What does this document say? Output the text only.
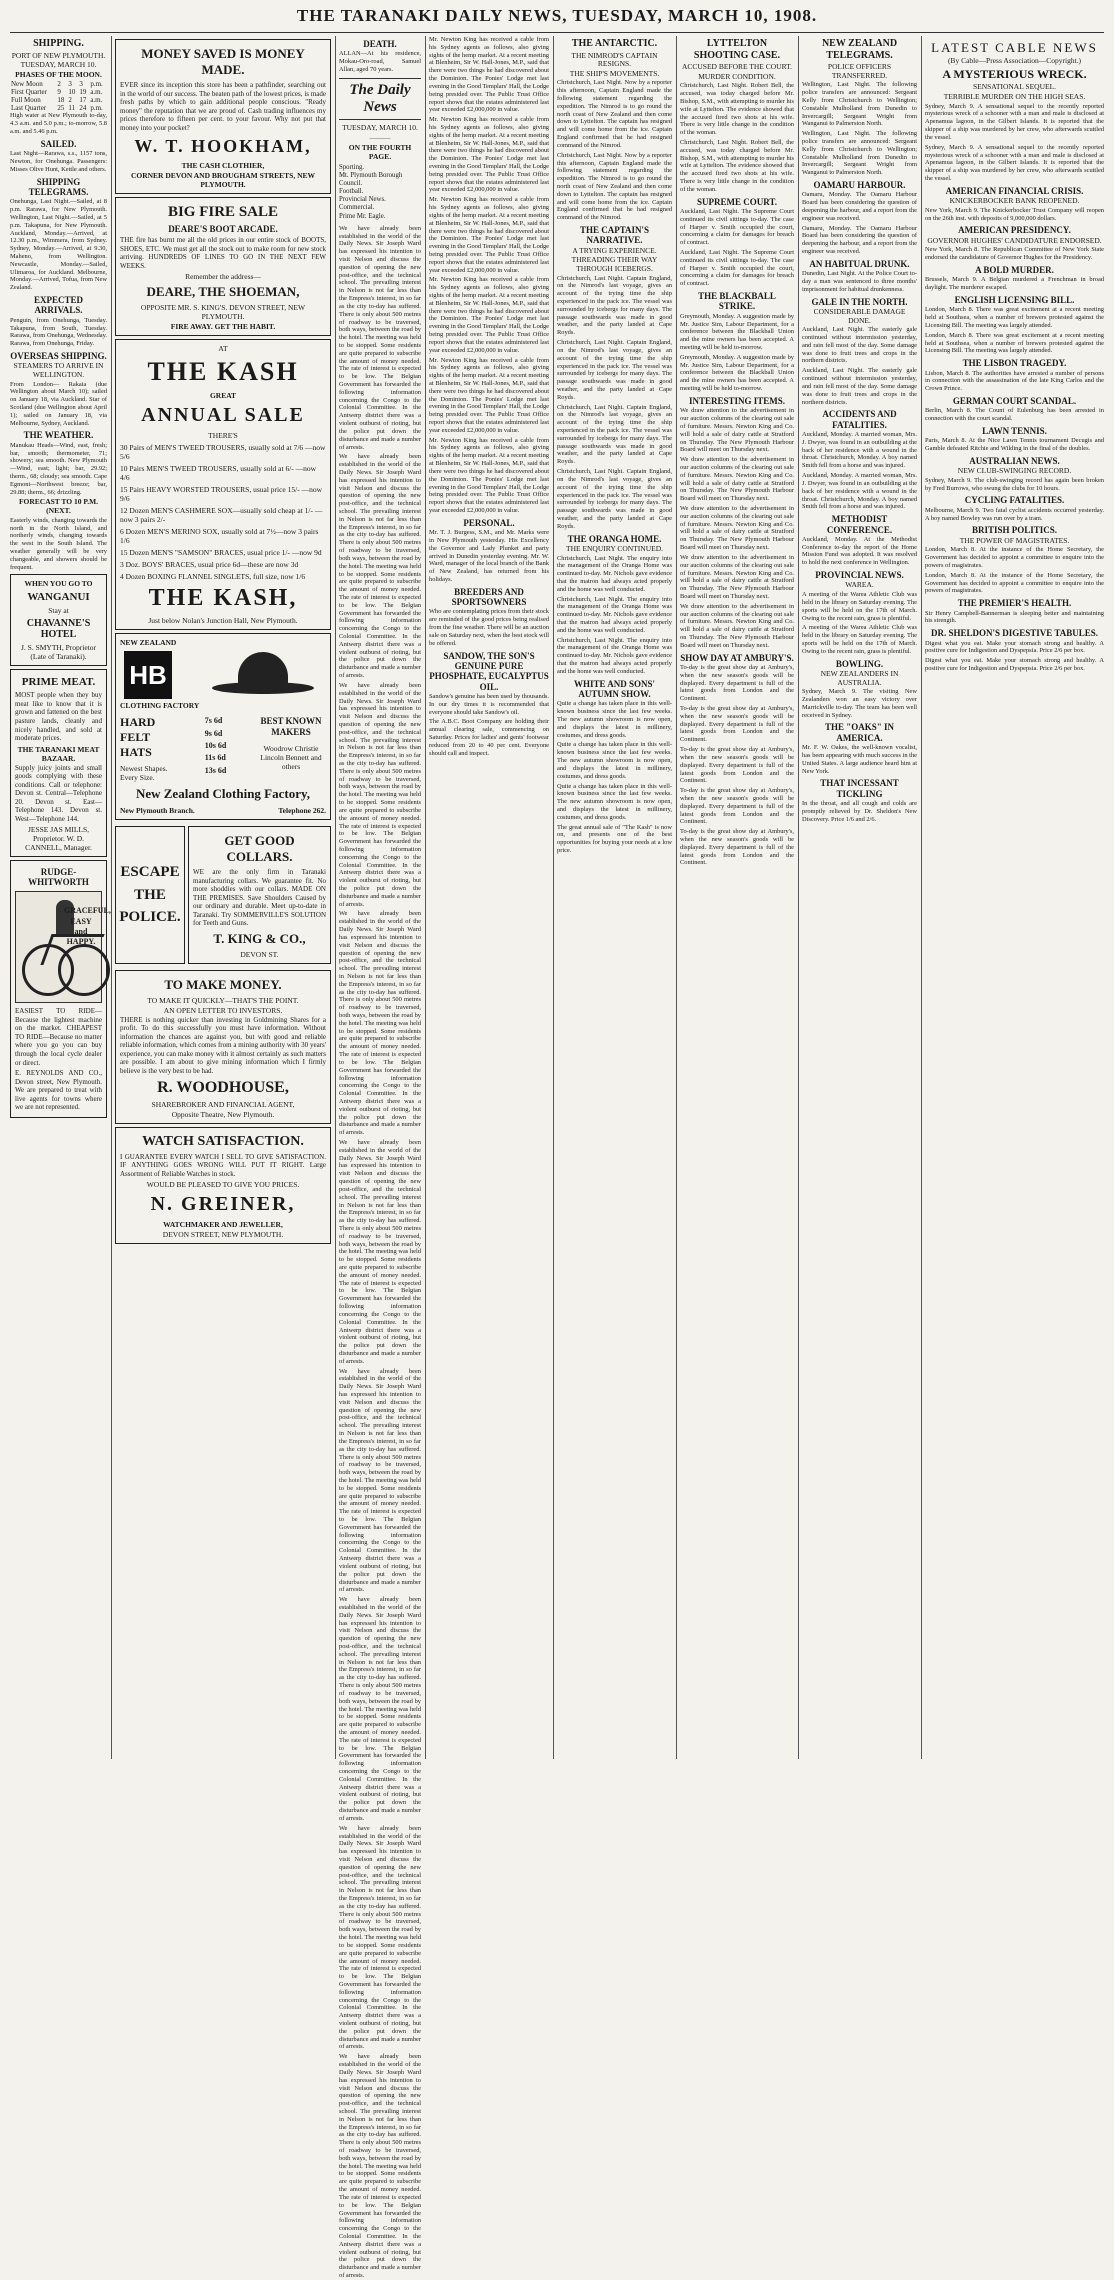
THE TARANAKI DAILY NEWS, TUESDAY, MARCH 10, 1908.
SHIPPING.
PORT OF NEW PLYMOUTH.
TUESDAY, MARCH 10.
PHASES OF THE MOON.
New Moon	2	3	3	p.m.
First Quarter	9	10	19	a.m.
Full Moon	18	2	17	a.m.
Last Quarter	25	11	24	p.m.

High water at New Plymouth to-day, 4.3 a.m. and 5.0 p.m.; to-morrow, 5.8 a.m. and 5.46 p.m.

SAILED.

Last Night—Rarawa, s.s., 1157 tons, Newton, for Onehunga. Passengers: Misses Olive Hunt, Kettle and others.

SHIPPING TELEGRAMS.

Onehunga, Last Night.—Sailed, at 8 p.m. Rarawa, for New Plymouth. Wellington, Last Night.—Sailed, at 5 p.m. Takapuna, for New Plymouth. Auckland, Monday.—Arrived, at 12.30 p.m., Wimmera, from Sydney. Sydney, Monday.—Arrived, at 9.30, Maheno, from Wellington. Newcastle, Monday.—Sailed, Ulimaroa, for Auckland. Melbourne, Monday.—Arrived, Tofua, from New Zealand.

EXPECTED ARRIVALS.

Penguin, from Onehunga, Tuesday. Takapuna, from South, Tuesday. Rarawa, from Onehunga, Wednesday. Rarawa, from Onehunga, Friday.

OVERSEAS SHIPPING.
STEAMERS TO ARRIVE IN WELLINGTON.

From London— Rakaia (due Wellington about March 10); sailed on January 18, via Auckland. Star of Scotland (due Wellington about April 1); sailed on January 18, via Melbourne, Sydney, Auckland.

THE WEATHER.

Manukau Heads—Wind, east, fresh; bar, smooth; thermometer, 71; showery; sea smooth. New Plymouth—Wind, east; light; bar, 29.92; therm., 68; cloudy; sea smooth. Cape Egmont—Northwest breeze; bar, 29.88; therm., 66; drizzling.

FORECAST TO 10 P.M. (NEXT.

Easterly winds, changing towards the north in the North Island, and northerly winds, changing towards the west in the South Island. The weather generally will be very changeable, and showers should be frequent.

WHEN YOU GO TO
WANGANUI
Stay at
CHAVANNE'S HOTEL
J. S. SMYTH, Proprietor (Late of Taranaki).
PRIME MEAT.

MOST people when they buy meat like to know that it is grown and fattened on the best pasture lands, cleanly and nicely handled, and sold at moderate prices.

THE TARANAKI MEAT BAZAAR.

Supply juicy joints and small goods complying with these conditions. Call or telephone: Devon st. Central—Telephone 20. Devon st. East—Telephone 143. Devon st. West—Telephone 144.

JESSE JAS MILLS, Proprietor. W. D. CANNELL, Manager.
RUDGE-WHITWORTH
GRACEFUL, EASY and HAPPY.

EASIEST TO RIDE—Because the lightest machine on the market. CHEAPEST TO RIDE—Because no matter where you go you can buy through the local cycle dealer or direct.

E. REYNOLDS AND CO., Devon street, New Plymouth. We are prepared to treat with live agents for towns where we are not represented.

MONEY SAVED IS MONEY MADE.

EVER since its inception this store has been a pathfinder, searching out in the world of our success. The beaten path of the lowest prices, is made fresh paths by which to gain additional people conscious. "Ready money" the reputation that we are proud of. Cash trading influences my prices therefore to fifteen per cent. to your favour. Why not put that money into your pocket?

W. T. HOOKHAM,
THE CASH CLOTHIER,
CORNER DEVON AND BROUGHAM STREETS, NEW PLYMOUTH.
BIG FIRE SALE
DEARE'S BOOT ARCADE.

THE fire has burnt me all the old prices in our entire stock of BOOTS, SHOES, ETC. We must get all the stock out to make room for new stock arriving. HUNDREDS OF LINES TO GO IN THE NEXT FEW WEEKS.

Remember the address—
DEARE, THE SHOEMAN,
OPPOSITE MR. S. KING'S. DEVON STREET, NEW PLYMOUTH.
FIRE AWAY. GET THE HABIT.
AT
THE KASH
GREAT
ANNUAL SALE
THERE'S
30 Pairs of MEN'S TWEED TROUSERS, usually sold at 7/6 —now 5/6
10 Pairs MEN'S TWEED TROUSERS, usually sold at 6/- —now 4/6
15 Pairs HEAVY WORSTED TROUSERS, usual price 15/- —now 9/6
12 Dozen MEN'S CASHMERE SOX—usually sold cheap at 1/- —now 3 pairs 2/-
6 Dozen MEN'S MERINO SOX, usually sold at 7½—now 3 pairs 1/6
15 Dozen MEN'S "SAMSON" BRACES, usual price 1/- —now 9d
3 Doz. BOYS' BRACES, usual price 6d—these are now 3d
4 Dozen BOXING FLANNEL SINGLETS, full size, now 1/6
THE KASH,
Just below Nolan's Junction Hall, New Plymouth.
NEW ZEALAND
HB
CLOTHING FACTORY
HARD
FELT
HATS
Newest Shapes. Every Size.
7s 6d
9s 6d
10s 6d
11s 6d
13s 6d
BEST KNOWN MAKERS
Woodrow Christie Lincoln Bennett and others
New Zealand Clothing Factory,
New Plymouth Branch.	Telephone 262.
ESCAPE THE POLICE.
GET GOOD COLLARS.

WE are the only firm in Taranaki manufacturing collars. We guarantee fit. No more shoddies with our collars. MADE ON THE PREMISES. Save Shoulders Caused by our ordinary and durable. Meet up-to-date in Taranaki. Try SOMMERVILLE'S SOLUTION for Teeth and Guns.

T. KING & CO.,
DEVON ST.
TO MAKE MONEY.
TO MAKE IT QUICKLY—THAT'S THE POINT.
AN OPEN LETTER TO INVESTORS.

THERE is nothing quicker than investing in Goldmining Shares for a profit. To do this successfully you must have information. Without information the chances are against you, but with good and reliable reliable information, which comes from a mining authority with 30 years' experience, you can make money with it almost certainly as such matters are possible. I am about to give mining information which I firmly believe is the very best to be had.

R. WOODHOUSE,
SHAREBROKER AND FINANCIAL AGENT,
Opposite Theatre, New Plymouth.
WATCH SATISFACTION.

I GUARANTEE EVERY WATCH I SELL TO GIVE SATISFACTION. IF ANYTHING GOES WRONG WILL PUT IT RIGHT. Large Assortment of Reliable Watches in stock.

WOULD BE PLEASED TO GIVE YOU PRICES.
N. GREINER,
WATCHMAKER AND JEWELLER,
DEVON STREET, NEW PLYMOUTH.
DEATH.

ALLAN—At his residence, Mokau-Oro-road, Samuel Allan, aged 70 years.

The Daily News
TUESDAY, MARCH 10.
———
ON THE FOURTH PAGE.
Sporting.
Mt. Plymouth Borough Council.
Football.
Provincial News.
Commercial.
Prime Mr. Eagle.

We have already been established in the world of the Daily News. Sir Joseph Ward has expressed his intention to visit Nelson and discuss the question of opening the new post-office, and the technical school. The prevailing interest in Nelson is not far less than the Empress's interest, in so far as the city to-day has suffered. There is only about 500 metres of roadway to be traversed, both ways, between the road by the hotel. The meeting was held to be stopped. Some residents are quite prepared to subscribe the amount of money needed. The rate of interest is expected to be low. The Belgian Government has forwarded the following information concerning the Congo to the Colonial Committee. In the Antwerp district there was a violent outburst of rioting, but the police put down the disturbance and made a number of arrests.

We have already been established in the world of the Daily News. Sir Joseph Ward has expressed his intention to visit Nelson and discuss the question of opening the new post-office, and the technical school. The prevailing interest in Nelson is not far less than the Empress's interest, in so far as the city to-day has suffered. There is only about 500 metres of roadway to be traversed, both ways, between the road by the hotel. The meeting was held to be stopped. Some residents are quite prepared to subscribe the amount of money needed. The rate of interest is expected to be low. The Belgian Government has forwarded the following information concerning the Congo to the Colonial Committee. In the Antwerp district there was a violent outburst of rioting, but the police put down the disturbance and made a number of arrests.

We have already been established in the world of the Daily News. Sir Joseph Ward has expressed his intention to visit Nelson and discuss the question of opening the new post-office, and the technical school. The prevailing interest in Nelson is not far less than the Empress's interest, in so far as the city to-day has suffered. There is only about 500 metres of roadway to be traversed, both ways, between the road by the hotel. The meeting was held to be stopped. Some residents are quite prepared to subscribe the amount of money needed. The rate of interest is expected to be low. The Belgian Government has forwarded the following information concerning the Congo to the Colonial Committee. In the Antwerp district there was a violent outburst of rioting, but the police put down the disturbance and made a number of arrests.

We have already been established in the world of the Daily News. Sir Joseph Ward has expressed his intention to visit Nelson and discuss the question of opening the new post-office, and the technical school. The prevailing interest in Nelson is not far less than the Empress's interest, in so far as the city to-day has suffered. There is only about 500 metres of roadway to be traversed, both ways, between the road by the hotel. The meeting was held to be stopped. Some residents are quite prepared to subscribe the amount of money needed. The rate of interest is expected to be low. The Belgian Government has forwarded the following information concerning the Congo to the Colonial Committee. In the Antwerp district there was a violent outburst of rioting, but the police put down the disturbance and made a number of arrests.

We have already been established in the world of the Daily News. Sir Joseph Ward has expressed his intention to visit Nelson and discuss the question of opening the new post-office, and the technical school. The prevailing interest in Nelson is not far less than the Empress's interest, in so far as the city to-day has suffered. There is only about 500 metres of roadway to be traversed, both ways, between the road by the hotel. The meeting was held to be stopped. Some residents are quite prepared to subscribe the amount of money needed. The rate of interest is expected to be low. The Belgian Government has forwarded the following information concerning the Congo to the Colonial Committee. In the Antwerp district there was a violent outburst of rioting, but the police put down the disturbance and made a number of arrests.

We have already been established in the world of the Daily News. Sir Joseph Ward has expressed his intention to visit Nelson and discuss the question of opening the new post-office, and the technical school. The prevailing interest in Nelson is not far less than the Empress's interest, in so far as the city to-day has suffered. There is only about 500 metres of roadway to be traversed, both ways, between the road by the hotel. The meeting was held to be stopped. Some residents are quite prepared to subscribe the amount of money needed. The rate of interest is expected to be low. The Belgian Government has forwarded the following information concerning the Congo to the Colonial Committee. In the Antwerp district there was a violent outburst of rioting, but the police put down the disturbance and made a number of arrests.

We have already been established in the world of the Daily News. Sir Joseph Ward has expressed his intention to visit Nelson and discuss the question of opening the new post-office, and the technical school. The prevailing interest in Nelson is not far less than the Empress's interest, in so far as the city to-day has suffered. There is only about 500 metres of roadway to be traversed, both ways, between the road by the hotel. The meeting was held to be stopped. Some residents are quite prepared to subscribe the amount of money needed. The rate of interest is expected to be low. The Belgian Government has forwarded the following information concerning the Congo to the Colonial Committee. In the Antwerp district there was a violent outburst of rioting, but the police put down the disturbance and made a number of arrests.

We have already been established in the world of the Daily News. Sir Joseph Ward has expressed his intention to visit Nelson and discuss the question of opening the new post-office, and the technical school. The prevailing interest in Nelson is not far less than the Empress's interest, in so far as the city to-day has suffered. There is only about 500 metres of roadway to be traversed, both ways, between the road by the hotel. The meeting was held to be stopped. Some residents are quite prepared to subscribe the amount of money needed. The rate of interest is expected to be low. The Belgian Government has forwarded the following information concerning the Congo to the Colonial Committee. In the Antwerp district there was a violent outburst of rioting, but the police put down the disturbance and made a number of arrests.

We have already been established in the world of the Daily News. Sir Joseph Ward has expressed his intention to visit Nelson and discuss the question of opening the new post-office, and the technical school. The prevailing interest in Nelson is not far less than the Empress's interest, in so far as the city to-day has suffered. There is only about 500 metres of roadway to be traversed, both ways, between the road by the hotel. The meeting was held to be stopped. Some residents are quite prepared to subscribe the amount of money needed. The rate of interest is expected to be low. The Belgian Government has forwarded the following information concerning the Congo to the Colonial Committee. In the Antwerp district there was a violent outburst of rioting, but the police put down the disturbance and made a number of arrests.

Mr. Newton King has received a cable from his Sydney agents as follows, also giving sights of the hemp market. At a recent meeting at Blenheim, Sir W. Hall-Jones, M.P., said that there were two things he had discovered about the Dominion. The Ponies' Lodge met last evening in the Good Templars' Hall, the Lodge being presided over. The Public Trust Office report shows that the estates administered last year exceeded £2,000,000 in value.

Mr. Newton King has received a cable from his Sydney agents as follows, also giving sights of the hemp market. At a recent meeting at Blenheim, Sir W. Hall-Jones, M.P., said that there were two things he had discovered about the Dominion. The Ponies' Lodge met last evening in the Good Templars' Hall, the Lodge being presided over. The Public Trust Office report shows that the estates administered last year exceeded £2,000,000 in value.

Mr. Newton King has received a cable from his Sydney agents as follows, also giving sights of the hemp market. At a recent meeting at Blenheim, Sir W. Hall-Jones, M.P., said that there were two things he had discovered about the Dominion. The Ponies' Lodge met last evening in the Good Templars' Hall, the Lodge being presided over. The Public Trust Office report shows that the estates administered last year exceeded £2,000,000 in value.

Mr. Newton King has received a cable from his Sydney agents as follows, also giving sights of the hemp market. At a recent meeting at Blenheim, Sir W. Hall-Jones, M.P., said that there were two things he had discovered about the Dominion. The Ponies' Lodge met last evening in the Good Templars' Hall, the Lodge being presided over. The Public Trust Office report shows that the estates administered last year exceeded £2,000,000 in value.

Mr. Newton King has received a cable from his Sydney agents as follows, also giving sights of the hemp market. At a recent meeting at Blenheim, Sir W. Hall-Jones, M.P., said that there were two things he had discovered about the Dominion. The Ponies' Lodge met last evening in the Good Templars' Hall, the Lodge being presided over. The Public Trust Office report shows that the estates administered last year exceeded £2,000,000 in value.

Mr. Newton King has received a cable from his Sydney agents as follows, also giving sights of the hemp market. At a recent meeting at Blenheim, Sir W. Hall-Jones, M.P., said that there were two things he had discovered about the Dominion. The Ponies' Lodge met last evening in the Good Templars' Hall, the Lodge being presided over. The Public Trust Office report shows that the estates administered last year exceeded £2,000,000 in value.

PERSONAL.

Mr. T. J. Burgess, S.M., and Mr. Marks were in New Plymouth yesterday. His Excellency the Governor and Lady Plunket and party arrived in Dunedin yesterday evening. Mr. W. Ward, manager of the local branch of the Bank of New Zealand, has returned from his holidays.

BREEDERS AND SPORTSOWNERS

Who are contemplating prices from their stock are reminded of the good prices being realised from the fine weather. There will be an auction sale on Saturday next, when the best stock will be offered.

SANDOW, THE SON'S GENUINE PURE PHOSPHATE, EUCALYPTUS OIL.

Sandow's genuine has been used by thousands. In our dry times it is recommended that everyone should take Sandow's oil.

The A.B.C. Boot Company are holding their annual clearing sale, commencing on Saturday. Prices for ladies' and gents' footwear reduced from 20 to 40 per cent. Everyone should call and inspect.

THE ANTARCTIC.
THE NIMROD'S CAPTAIN RESIGNS.
THE SHIP'S MOVEMENTS.

Christchurch, Last Night. Now by a reporter this afternoon, Captain England made the following statement regarding the expedition. The Nimrod is to go round the north coast of New Zealand and then come down to Lyttelton. The captain has resigned and will come home from the ice. Captain England confirmed that he had resigned command of the Nimrod.

Christchurch, Last Night. Now by a reporter this afternoon, Captain England made the following statement regarding the expedition. The Nimrod is to go round the north coast of New Zealand and then come down to Lyttelton. The captain has resigned and will come home from the ice. Captain England confirmed that he had resigned command of the Nimrod.

THE CAPTAIN'S NARRATIVE.
A TRYING EXPERIENCE.
THREADING THEIR WAY THROUGH ICEBERGS.

Christchurch, Last Night. Captain England, on the Nimrod's last voyage, gives an account of the trying time the ship experienced in the pack ice. The vessel was surrounded by icebergs for many days. The passage southwards was made in good weather, and the party landed at Cape Royds.

Christchurch, Last Night. Captain England, on the Nimrod's last voyage, gives an account of the trying time the ship experienced in the pack ice. The vessel was surrounded by icebergs for many days. The passage southwards was made in good weather, and the party landed at Cape Royds.

Christchurch, Last Night. Captain England, on the Nimrod's last voyage, gives an account of the trying time the ship experienced in the pack ice. The vessel was surrounded by icebergs for many days. The passage southwards was made in good weather, and the party landed at Cape Royds.

Christchurch, Last Night. Captain England, on the Nimrod's last voyage, gives an account of the trying time the ship experienced in the pack ice. The vessel was surrounded by icebergs for many days. The passage southwards was made in good weather, and the party landed at Cape Royds.

THE ORANGA HOME.
THE ENQUIRY CONTINUED.

Christchurch, Last Night. The enquiry into the management of the Oranga Home was continued to-day. Mr. Nichols gave evidence that the matron had always acted properly and the home was well conducted.

Christchurch, Last Night. The enquiry into the management of the Oranga Home was continued to-day. Mr. Nichols gave evidence that the matron had always acted properly and the home was well conducted.

Christchurch, Last Night. The enquiry into the management of the Oranga Home was continued to-day. Mr. Nichols gave evidence that the matron had always acted properly and the home was well conducted.

WHITE AND SONS' AUTUMN SHOW.

Quite a change has taken place in this well-known business since the last few weeks. The new autumn showroom is now open, and displays the latest in millinery, costumes, and dress goods.

Quite a change has taken place in this well-known business since the last few weeks. The new autumn showroom is now open, and displays the latest in millinery, costumes, and dress goods.

Quite a change has taken place in this well-known business since the last few weeks. The new autumn showroom is now open, and displays the latest in millinery, costumes, and dress goods.

The great annual sale of "The Kash" is now on, and presents one of the best opportunities for buying your needs at a low price.

LYTTELTON SHOOTING CASE.
ACCUSED BEFORE THE COURT.
MURDER CONDITION.

Christchurch, Last Night. Robert Bell, the accused, was today charged before Mr. Bishop, S.M., with attempting to murder his wife at Lyttelton. The evidence showed that the accused fired two shots at his wife. There is very little change in the condition of the woman.

Christchurch, Last Night. Robert Bell, the accused, was today charged before Mr. Bishop, S.M., with attempting to murder his wife at Lyttelton. The evidence showed that the accused fired two shots at his wife. There is very little change in the condition of the woman.

SUPREME COURT.

Auckland, Last Night. The Supreme Court continued its civil sittings to-day. The case of Harper v. Smith occupied the court, concerning a claim for damages for breach of contract.

Auckland, Last Night. The Supreme Court continued its civil sittings to-day. The case of Harper v. Smith occupied the court, concerning a claim for damages for breach of contract.

THE BLACKBALL STRIKE.

Greymouth, Monday. A suggestion made by Mr. Justice Sim, Labour Department, for a conference between the Blackball Union and the mine owners has been accepted. A meeting will be held to-morrow.

Greymouth, Monday. A suggestion made by Mr. Justice Sim, Labour Department, for a conference between the Blackball Union and the mine owners has been accepted. A meeting will be held to-morrow.

INTERESTING ITEMS.

We draw attention to the advertisement in our auction columns of the clearing out sale of furniture. Messrs. Newton King and Co. will hold a sale of dairy cattle at Stratford on Thursday. The New Plymouth Harbour Board will meet on Thursday next.

We draw attention to the advertisement in our auction columns of the clearing out sale of furniture. Messrs. Newton King and Co. will hold a sale of dairy cattle at Stratford on Thursday. The New Plymouth Harbour Board will meet on Thursday next.

We draw attention to the advertisement in our auction columns of the clearing out sale of furniture. Messrs. Newton King and Co. will hold a sale of dairy cattle at Stratford on Thursday. The New Plymouth Harbour Board will meet on Thursday next.

We draw attention to the advertisement in our auction columns of the clearing out sale of furniture. Messrs. Newton King and Co. will hold a sale of dairy cattle at Stratford on Thursday. The New Plymouth Harbour Board will meet on Thursday next.

We draw attention to the advertisement in our auction columns of the clearing out sale of furniture. Messrs. Newton King and Co. will hold a sale of dairy cattle at Stratford on Thursday. The New Plymouth Harbour Board will meet on Thursday next.

SHOW DAY AT AMBURY'S.

To-day is the great show day at Ambury's, when the new season's goods will be displayed. Every department is full of the latest goods from London and the Continent.

To-day is the great show day at Ambury's, when the new season's goods will be displayed. Every department is full of the latest goods from London and the Continent.

To-day is the great show day at Ambury's, when the new season's goods will be displayed. Every department is full of the latest goods from London and the Continent.

To-day is the great show day at Ambury's, when the new season's goods will be displayed. Every department is full of the latest goods from London and the Continent.

To-day is the great show day at Ambury's, when the new season's goods will be displayed. Every department is full of the latest goods from London and the Continent.

NEW ZEALAND TELEGRAMS.
POLICE OFFICERS TRANSFERRED.

Wellington, Last Night. The following police transfers are announced: Sergeant Kelly from Christchurch to Wellington; Constable Mulholland from Dunedin to Invercargill; Sergeant Wright from Wanganui to Palmerston North.

Wellington, Last Night. The following police transfers are announced: Sergeant Kelly from Christchurch to Wellington; Constable Mulholland from Dunedin to Invercargill; Sergeant Wright from Wanganui to Palmerston North.

OAMARU HARBOUR.

Oamaru, Monday. The Oamaru Harbour Board has been considering the question of deepening the harbour, and a report from the engineer was received.

Oamaru, Monday. The Oamaru Harbour Board has been considering the question of deepening the harbour, and a report from the engineer was received.

AN HABITUAL DRUNK.

Dunedin, Last Night. At the Police Court to-day a man was sentenced to three months' imprisonment for habitual drunkenness.

GALE IN THE NORTH.
CONSIDERABLE DAMAGE DONE.

Auckland, Last Night. The easterly gale continued without intermission yesterday, and rain fell most of the day. Some damage was done to fruit trees and crops in the northern districts.

Auckland, Last Night. The easterly gale continued without intermission yesterday, and rain fell most of the day. Some damage was done to fruit trees and crops in the northern districts.

ACCIDENTS AND FATALITIES.

Auckland, Monday. A married woman, Mrs. J. Dwyer, was found in an outbuilding at the back of her residence with a wound in the throat. Christchurch, Monday. A boy named Smith fell from a horse and was injured.

Auckland, Monday. A married woman, Mrs. J. Dwyer, was found in an outbuilding at the back of her residence with a wound in the throat. Christchurch, Monday. A boy named Smith fell from a horse and was injured.

METHODIST CONFERENCE.

Auckland, Monday. At the Methodist Conference to-day the report of the Home Mission Fund was adopted. It was resolved to hold the next conference in Wellington.

PROVINCIAL NEWS.
WAREA.

A meeting of the Warea Athletic Club was held in the library on Saturday evening. The sports will be held on the 17th of March. Owing to the recent rain, grass is plentiful.

A meeting of the Warea Athletic Club was held in the library on Saturday evening. The sports will be held on the 17th of March. Owing to the recent rain, grass is plentiful.

BOWLING.
NEW ZEALANDERS IN AUSTRALIA.

Sydney, March 9. The visiting New Zealanders won an easy victory over Marrickville to-day. The team has been well received in Sydney.

THE "OAKS" IN AMERICA.

Mr. F. W. Oakes, the well-known vocalist, has been appearing with much success in the United States. A large audience heard him at New York.

THAT INCESSANT TICKLING

In the throat, and all cough and colds are promptly relieved by Dr. Sheldon's New Discovery. Price 1/6 and 2/6.

LATEST CABLE NEWS
(By Cable—Press Association—Copyright.)
A MYSTERIOUS WRECK.
SENSATIONAL SEQUEL.
TERRIBLE MURDER ON THE HIGH SEAS.

Sydney, March 9. A sensational sequel to the recently reported mysterious wreck of a schooner with a man and male is disclosed at Apenamua lagoon, in the Gilbert Islands. It is reported that the skipper of a ship was murdered by her crew, who afterwards scuttled the vessel.

Sydney, March 9. A sensational sequel to the recently reported mysterious wreck of a schooner with a man and male is disclosed at Apenamua lagoon, in the Gilbert Islands. It is reported that the skipper of a ship was murdered by her crew, who afterwards scuttled the vessel.

AMERICAN FINANCIAL CRISIS.
KNICKERBOCKER BANK REOPENED.

New York, March 9. The Knickerbocker Trust Company will reopen on the 26th inst. with deposits of 9,000,000 dollars.

AMERICAN PRESIDENCY.
GOVERNOR HUGHES' CANDIDATURE ENDORSED.

New York, March 8. The Republican Committee of New York State endorsed the candidature of Governor Hughes for the Presidency.

A BOLD MURDER.

Brussels, March 9. A Belgian murdered a Frenchman in broad daylight. The murderer escaped.

ENGLISH LICENSING BILL.

London, March 8. There was great excitement at a recent meeting held at Southsea, when a number of brewers protested against the Licensing Bill. The meeting was largely attended.

London, March 8. There was great excitement at a recent meeting held at Southsea, when a number of brewers protested against the Licensing Bill. The meeting was largely attended.

THE LISBON TRAGEDY.

Lisbon, March 8. The authorities have arrested a number of persons in connection with the assassination of the late King Carlos and the Crown Prince.

GERMAN COURT SCANDAL.

Berlin, March 8. The Count of Eulenburg has been arrested in connection with the court scandal.

LAWN TENNIS.

Paris, March 8. At the Nice Lawn Tennis tournament Decugis and Gamble defeated Ritchie and Wilding in the final of the doubles.

AUSTRALIAN NEWS.
NEW CLUB-SWINGING RECORD.

Sydney, March 9. The club-swinging record has again been broken by Fred Burrows, who swung the clubs for 10 hours.

CYCLING FATALITIES.

Melbourne, March 9. Two fatal cyclist accidents occurred yesterday. A boy named Bowley was run over by a tram.

BRITISH POLITICS.
THE POWER OF MAGISTRATES.

London, March 8. At the instance of the Home Secretary, the Government has decided to appoint a committee to enquire into the powers of magistrates.

London, March 8. At the instance of the Home Secretary, the Government has decided to appoint a committee to enquire into the powers of magistrates.

THE PREMIER'S HEALTH.

Sir Henry Campbell-Bannerman is sleeping better and maintaining his strength.

DR. SHELDON'S DIGESTIVE TABULES.

Digest what you eat. Make your stomach strong and healthy. A positive cure for Indigestion and Dyspepsia. Price 2/6 per box.

Digest what you eat. Make your stomach strong and healthy. A positive cure for Indigestion and Dyspepsia. Price 2/6 per box.
